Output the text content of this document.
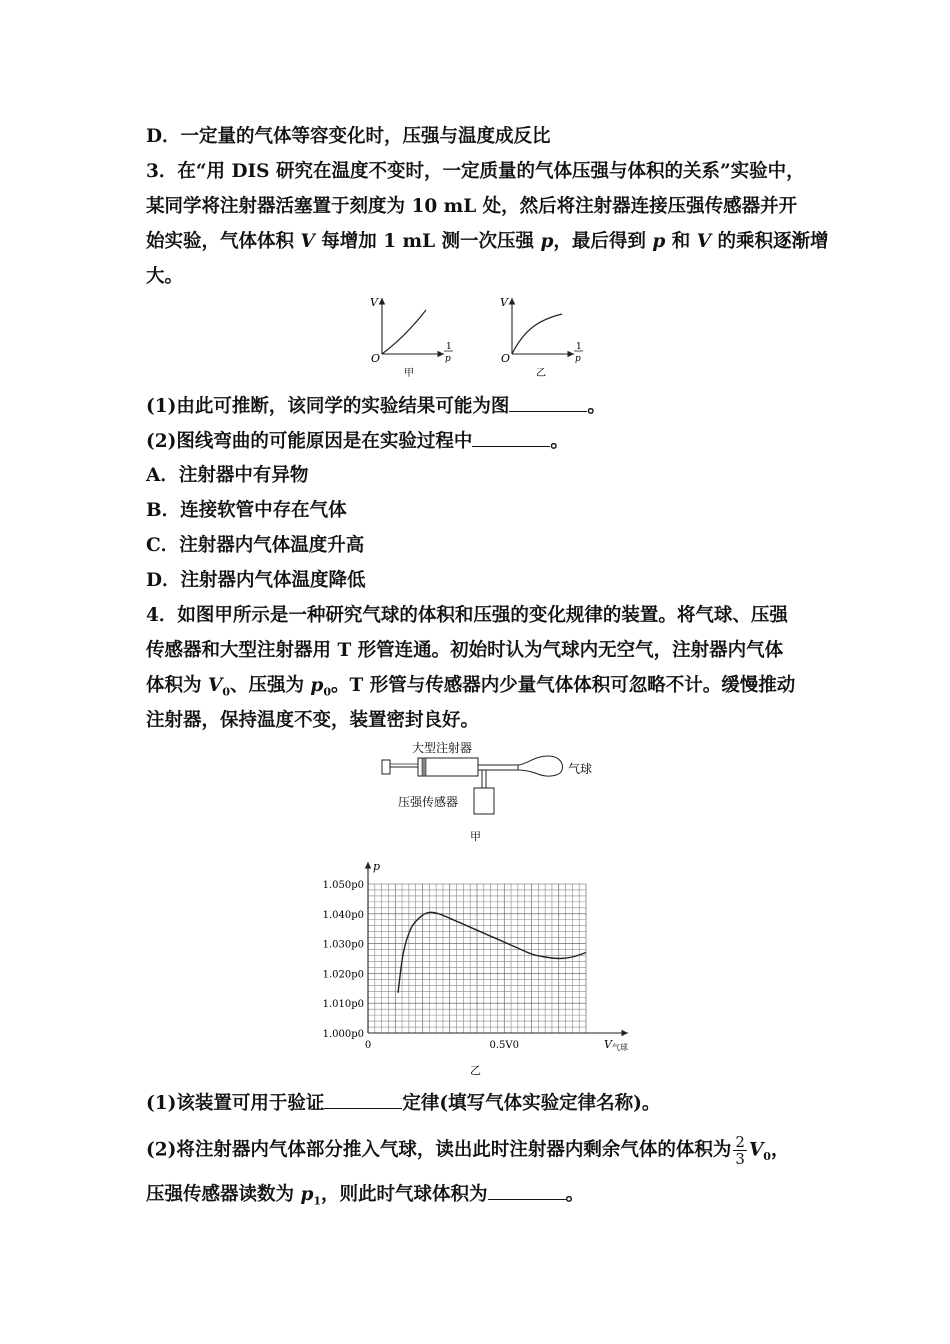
D．一定量的气体等容变化时，压强与温度成反比
3．在“用 DIS 研究在温度不变时，一定质量的气体压强与体积的关系”实验中，
某同学将注射器活塞置于刻度为 10 mL 处，然后将注射器连接压强传感器并开
始实验，气体体积 V 每增加 1 mL 测一次压强 p，最后得到 p 和 V 的乘积逐渐增
大。
V
O
1
p
甲
V
O
1
p
乙
(1)由此可推断，该同学的实验结果可能为图	。
(2)图线弯曲的可能原因是在实验过程中	。
A．注射器中有异物
B．连接软管中存在气体
C．注射器内气体温度升高
D．注射器内气体温度降低
4．如图甲所示是一种研究气球的体积和压强的变化规律的装置。将气球、压强
传感器和大型注射器用 T 形管连通。初始时认为气球内无空气，注射器内气体
体积为 $V_0$、压强为 $p_0$。T 形管与传感器内少量气体体积可忽略不计。缓慢推动
注射器，保持温度不变，装置密封良好。
大型注射器
气球
压强传感器
甲
1.000p0
1.010p0
1.020p0
1.030p0
1.040p0
1.050p0
0	0.5V0
p
V气球
乙
(1)该装置可用于验证	定律(填写气体实验定律名称)。
(2)将注射器内气体部分推入气球，读出此时注射器内剩余气体的体积为 $\frac{2}{3} V_0$，
压强传感器读数为 $p_1$，则此时气球体积为	。
